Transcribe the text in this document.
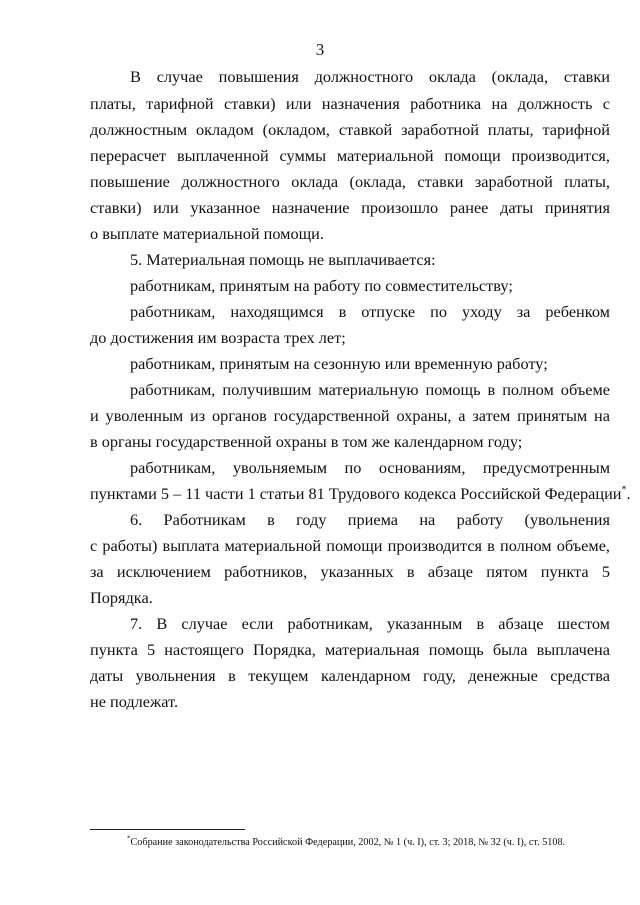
3
В случае повышения должностного оклада (оклада, ставки
платы, тарифной ставки) или назначения работника на должность с
должностным окладом (окладом, ставкой заработной платы, тарифной
перерасчет выплаченной суммы материальной помощи производится,
повышение должностного оклада (оклада, ставки заработной платы,
ставки) или указанное назначение произошло ранее даты принятия
о выплате материальной помощи.
5. Материальная помощь не выплачивается:
работникам, принятым на работу по совместительству;
работникам, находящимся в отпуске по уходу за ребенком
до достижения им возраста трех лет;
работникам, принятым на сезонную или временную работу;
работникам, получившим материальную помощь в полном объеме
и уволенным из органов государственной охраны, а затем принятым на
в органы государственной охраны в том же календарном году;
работникам, увольняемым по основаниям, предусмотренным
пунктами 5 – 11 части 1 статьи 81 Трудового кодекса Российской Федерации*.
6. Работникам в году приема на работу (увольнения
с работы) выплата материальной помощи производится в полном объеме,
за исключением работников, указанных в абзаце пятом пункта 5
Порядка.
7. В случае если работникам, указанным в абзаце шестом
пункта 5 настоящего Порядка, материальная помощь была выплачена
даты увольнения в текущем календарном году, денежные средства
не подлежат.
*Собрание законодательства Российской Федерации, 2002, № 1 (ч. I), ст. 3; 2018, № 32 (ч. I), ст. 5108.
